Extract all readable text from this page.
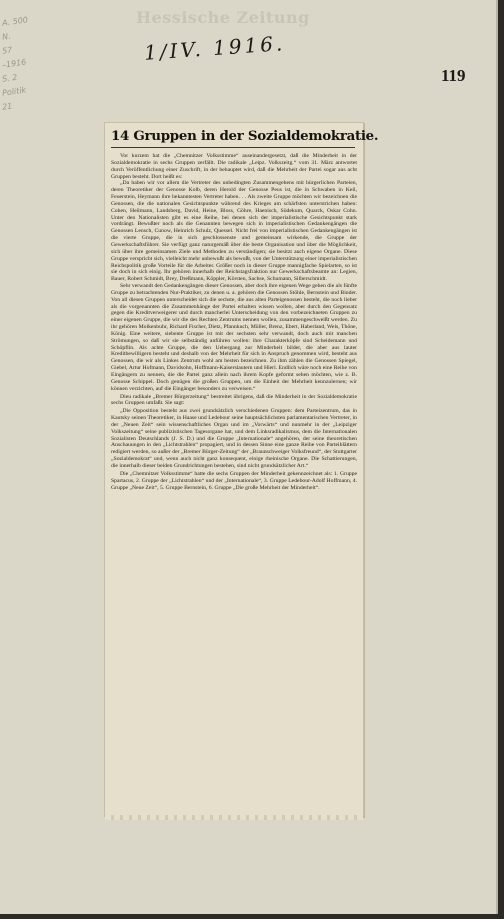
Hessische Zeitung
A. 500
N.
57
–1916
S. 2
Politik
21
1/IV. 1916.
119
14 Gruppen in der Sozialdemokratie.

Vor kurzem hat die „Chemnitzer Volksstimme“ auseinandergesetzt, daß die Minderheit in der Sozialdemokratie in sechs Gruppen zerfällt. Die radikale „Leipz. Volkszeitg.“ vom 31. März antwortet durch Veröffentlichung einer Zuschrift, in der behauptet wird, daß die Mehrheit der Partei sogar aus acht Gruppen besteht. Dort heißt es:

„Da haben wir vor allem die Vertreter des unbedingten Zusammengehens mit bürgerlichen Parteien, deren Theoretiker der Genosse Kolb, deren Herold der Genosse Peus ist, die in Schwaben in Keil, Feuerstein, Heymann ihre bekanntesten Vertreter haben. . . Als zweite Gruppe möchten wir bezeichnen die Genossen, die die nationalen Gesichtspunkte während des Krieges am schärfsten unterstrichen haben: Cohen, Heilmann, Landsberg, David, Heine, Bloss, Göhre, Haenisch, Südekum, Quarck, Oskar Cohn. Unter den Nationalisten gibt es eine Reihe, bei denen sich der imperialistische Gesichtspunkt stark vordrängt. Bewußter noch als die Genannten bewegen sich in imperialistischen Gedankengängen die Genossen Lensch, Cunow, Heinrich Schulz, Quessel. Nicht frei von imperialistischen Gedankengängen ist die vierte Gruppe, die in sich geschlossenste und gemeinsam wirkende, die Gruppe der Gewerkschaftsführer. Sie verfügt ganz naturgemäß über die beste Organisation und über die Möglichkeit, sich über ihre gemeinsamen Ziele und Methoden zu verständigen; sie besitzt auch eigene Organe. Diese Gruppe verspricht sich, vielleicht mehr unbewußt als bewußt, von der Unterstützung einer imperialistischen Reichspolitik große Vorteile für die Arbeiter. Größer noch in dieser Gruppe mannigfache Spielarten, so ist sie doch in sich einig. Ihr gehören innerhalb der Reichstagsfraktion nur Gewerkschaftsbeamte an: Legien, Bauer, Robert Schmidt, Brey, Dreßmann, Köppler, Körsten, Sachse, Schumann, Silberschmidt.

Sehr verwandt den Gedankengängen dieser Genossen, aber doch ihre eigenen Wege gehen die als fünfte Gruppe zu betrachtenden Nur-Praktiker, zu denen u. a. gehören die Genossen Stöhle, Bernstein und Binder. Von all diesen Gruppen unterscheidet sich die sechste, die aus alten Parteigenossen besteht, die noch lieber als die vorgenannten die Zusammenhänge der Partei erhalten wissen wollen, aber durch den Gegensatz gegen die Kreditverweigerer und durch mancherlei Unterscheidung von den vorbezeichneten Gruppen zu einer eigenen Gruppe, die wir die des Rechten Zentrums nennen wollen, zusammengeschweißt werden. Zu ihr gehören Molkenbuhr, Richard Fischer, Dietz, Pfannkuch, Müller, Brenz, Ebert, Haberland, Wels, Thöne, König. Eine weitere, siebente Gruppe ist mit der sechsten sehr verwandt, doch auch mit manchen Strömungen, so daß wir sie selbständig anführen wollen: ihre Charakterköpfe sind Scheidemann und Schöpflin. Als achte Gruppe, die den Uebergang zur Minderheit bildet, die aber aus lauter Kreditbewilligern besteht und deshalb von der Mehrheit für sich in Anspruch genommen wird, besteht aus Genossen, die wir als Linkes Zentrum wohl am besten bezeichnen. Zu ihm zählen die Genossen Spiegel, Giebel, Artur Hofmann, Davidsohn, Hoffmann-Kaiserslautern und Hierl. Endlich wäre noch eine Reihe von Eingängern zu nennen, die die Partei ganz allein nach ihrem Kopfe geformt sehen möchten, wie z. B. Genosse Schippel. Doch genügen die großen Gruppen, um die Einheit der Mehrheit kennzulernen; wir können verzichten, auf die Eingänger besonders zu verweisen.“

Dieu radikale „Bremer Bürgerzeitung“ bestreitet übrigens, daß die Minderheit in der Sozialdemokratie sechs Gruppen umfaßt. Sie sagt:

„Die Opposition besteht aus zwei grundsätzlich verschiedenen Gruppen: dem Parteizentrum, das in Kautsky seinen Theoretiker, in Haase und Ledebour seine hauptsächlichsten parlamentarischen Vertreter, in der „Neuen Zeit“ sein wissenschaftliches Organ und im „Vorwärts“ und nunmehr in der „Leipziger Volkszeitung“ seine publizistischen Tagesorgane hat, und dem Linksradikalismus, dem die Internationalen Sozialisten Deutschlands (J. S. D.) und die Gruppe „Internationale“ angehören, der seine theoretischen Anschauungen in den „Lichtstrahlen“ propagiert, und in dessen Sinne eine ganze Reihe von Parteiblättern redigiert werden, so außer der „Bremer Bürger-Zeitung“ der „Braunschweiger Volksfreund“, der Stuttgarter „Sozialdemokrat“ und, wenn auch nicht ganz konsequent, einige rheinische Organe. Die Schattierungen, die innerhalb dieser beiden Grundrichtungen bestehen, sind nicht grundsätzlicher Art.“

Die „Chemnitzer Volksstimme“ hatte die sechs Gruppen der Minderheit gekennzeichnet als: 1. Gruppe Spartacus, 2. Gruppe der „Lichtstrahlen“ und der „Internationale“, 3. Gruppe Ledebour-Adolf Hoffmann, 4. Gruppe „Neue Zeit“, 5. Gruppe Bernstein, 6. Gruppe „Die große Mehrheit der Minderheit“.
